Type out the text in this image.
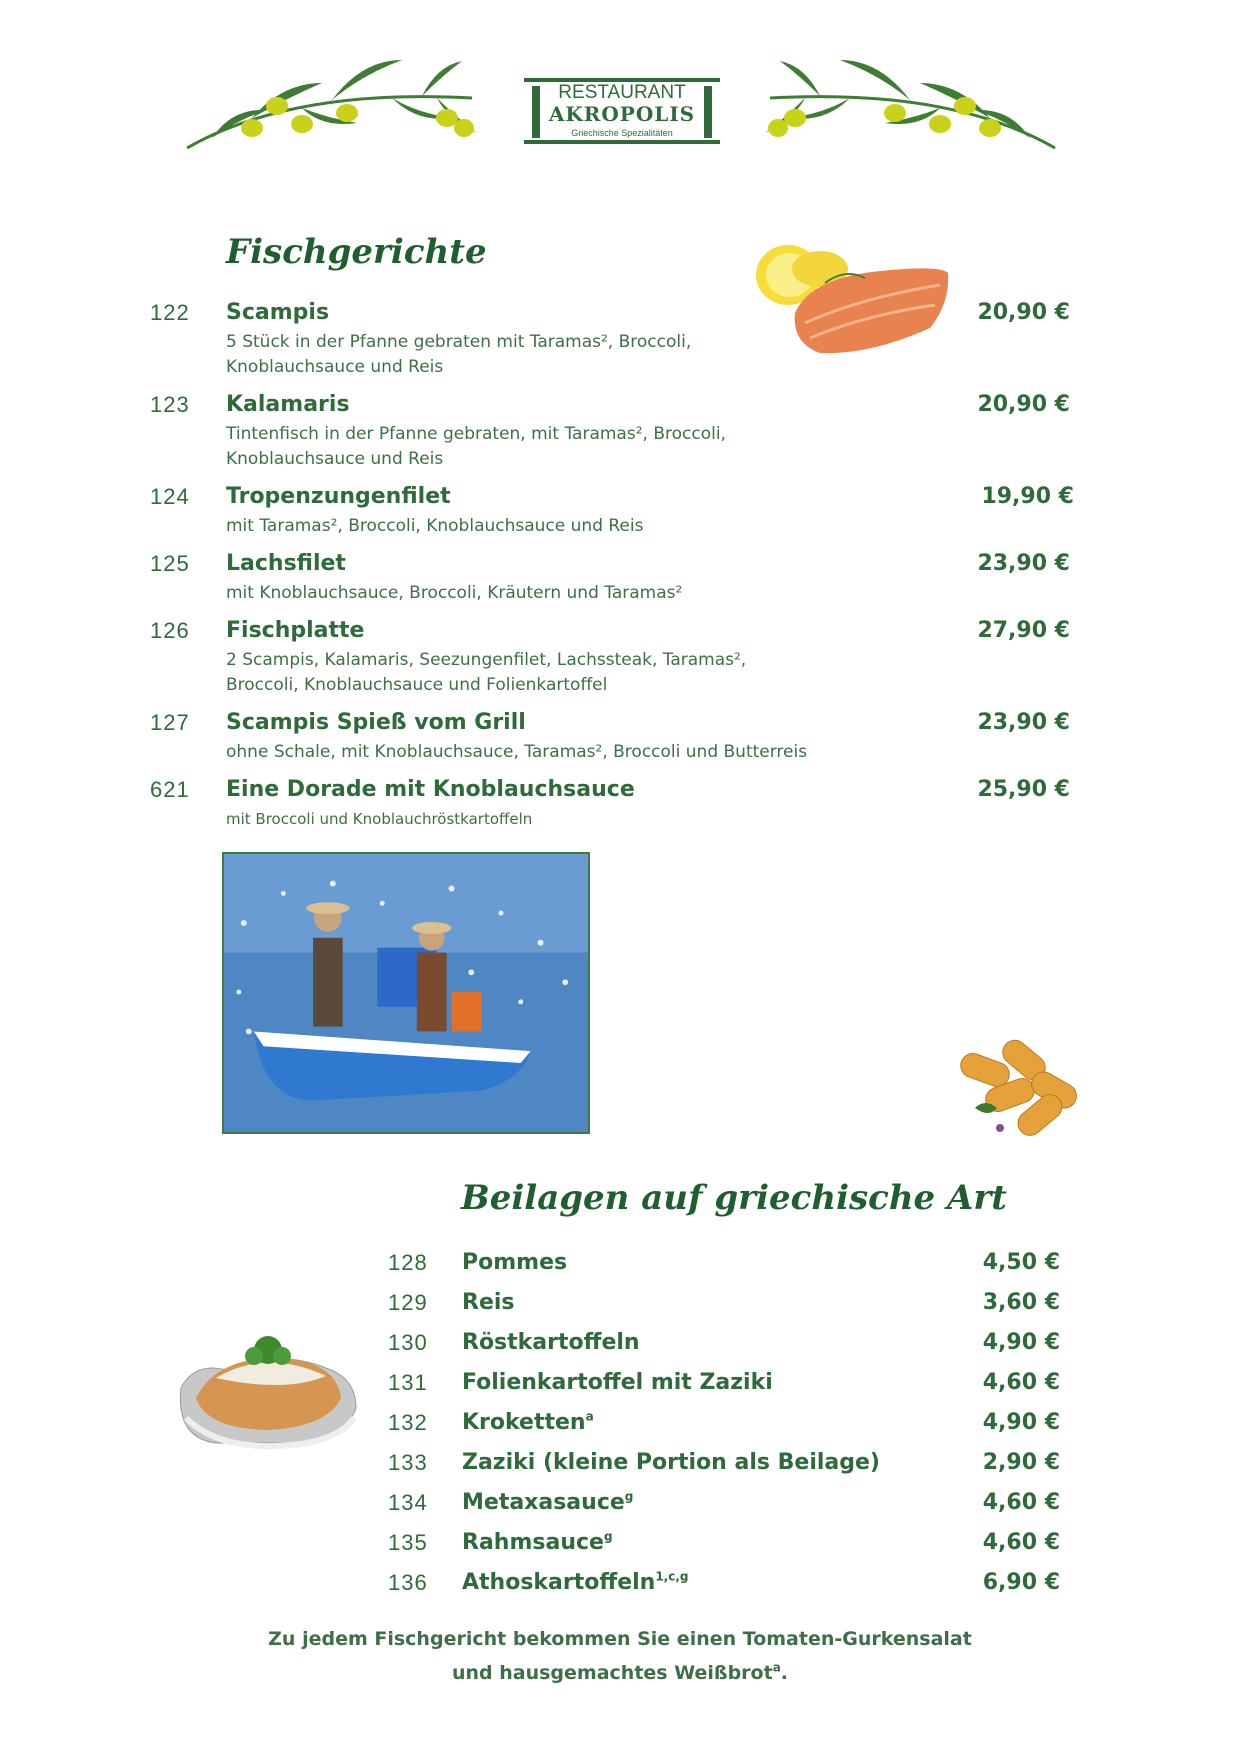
RESTAURANT
AKROPOLIS
Griechische Spezialitäten
Fischgerichte
122 Scampis
5 Stück in der Pfanne gebraten mit Taramas², Broccoli, Knoblauchsauce und Reis
20,90 €
123 Kalamaris
Tintenfisch in der Pfanne gebraten, mit Taramas², Broccoli, Knoblauchsauce und Reis
20,90 €
124 Tropenzungenfilet
mit Taramas², Broccoli, Knoblauchsauce und Reis
19,90 €
125 Lachsfilet
mit Knoblauchsauce, Broccoli, Kräutern und Taramas²
23,90 €
126 Fischplatte
2 Scampis, Kalamaris, Seezungenfilet, Lachssteak, Taramas², Broccoli, Knoblauchsauce und Folienkartoffel
27,90 €
127 Scampis Spieß vom Grill
ohne Schale, mit Knoblauchsauce, Taramas², Broccoli und Butterreis
23,90 €
621 Eine Dorade mit Knoblauchsauce
mit Broccoli und Knoblauchröstkartoffeln
25,90 €
Beilagen auf griechische Art
128 Pommes	4,50 €
129 Reis	3,60 €
130 Röstkartoffeln	4,90 €
131 Folienkartoffel mit Zaziki	4,60 €
132 Kroketten$^a$	4,90 €
133 Zaziki (kleine Portion als Beilage)	2,90 €
134 Metaxasauce$^g$	4,60 €
135 Rahmsauce$^g$	4,60 €
136 Athoskartoffeln$^{1,c,g}$	6,90 €
Zu jedem Fischgericht bekommen Sie einen Tomaten-Gurkensalat
und hausgemachtes Weißbrot$^a$.
